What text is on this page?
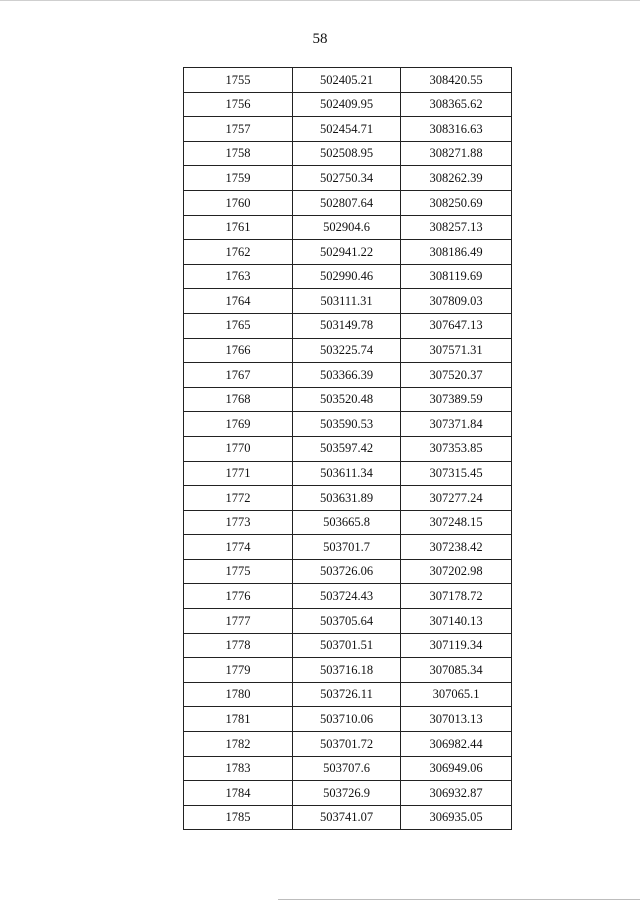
58
1755	502405.21	308420.55
1756	502409.95	308365.62
1757	502454.71	308316.63
1758	502508.95	308271.88
1759	502750.34	308262.39
1760	502807.64	308250.69
1761	502904.6	308257.13
1762	502941.22	308186.49
1763	502990.46	308119.69
1764	503111.31	307809.03
1765	503149.78	307647.13
1766	503225.74	307571.31
1767	503366.39	307520.37
1768	503520.48	307389.59
1769	503590.53	307371.84
1770	503597.42	307353.85
1771	503611.34	307315.45
1772	503631.89	307277.24
1773	503665.8	307248.15
1774	503701.7	307238.42
1775	503726.06	307202.98
1776	503724.43	307178.72
1777	503705.64	307140.13
1778	503701.51	307119.34
1779	503716.18	307085.34
1780	503726.11	307065.1
1781	503710.06	307013.13
1782	503701.72	306982.44
1783	503707.6	306949.06
1784	503726.9	306932.87
1785	503741.07	306935.05
